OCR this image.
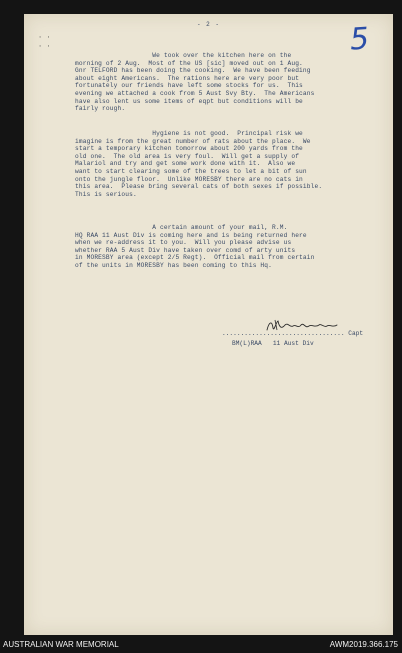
- 2 -	5
· ·
· ·

We took over the kitchen here on the
morning of 2 Aug.  Most of the US [sic] moved out on 1 Aug.
Gnr TELFORD has been doing the cooking.  We have been feeding
about eight Americans.  The rations here are very poor but
fortunately our friends have left some stocks for us.  This
evening we attached a cook from 5 Aust Svy Bty.  The Americans
have also lent us some items of eqpt but conditions will be
fairly rough.

Hygiene is not good.  Principal risk we
imagine is from the great number of rats about the place.  We
start a temporary kitchen tomorrow about 200 yards from the
old one.  The old area is very foul.  Will get a supply of
Malariol and try and get some work done with it.  Also we
want to start clearing some of the trees to let a bit of sun
onto the jungle floor.  Unlike MORESBY there are no cats in
this area.  Please bring several cats of both sexes if possible.
This is serious.

A certain amount of your mail, R.M.
HQ RAA 11 Aust Div is coming here and is being returned here
when we re-address it to you.  Will you please advise us
whether RAA 5 Aust Div have taken over comd of arty units
in MORESBY area (except 2/5 Regt).  Official mail from certain
of the units in MORESBY has been coming to this Hq.

................................. Capt
BM(L)RAA   11 Aust Div
AUSTRALIAN WAR MEMORIAL	AWM2019.366.175
